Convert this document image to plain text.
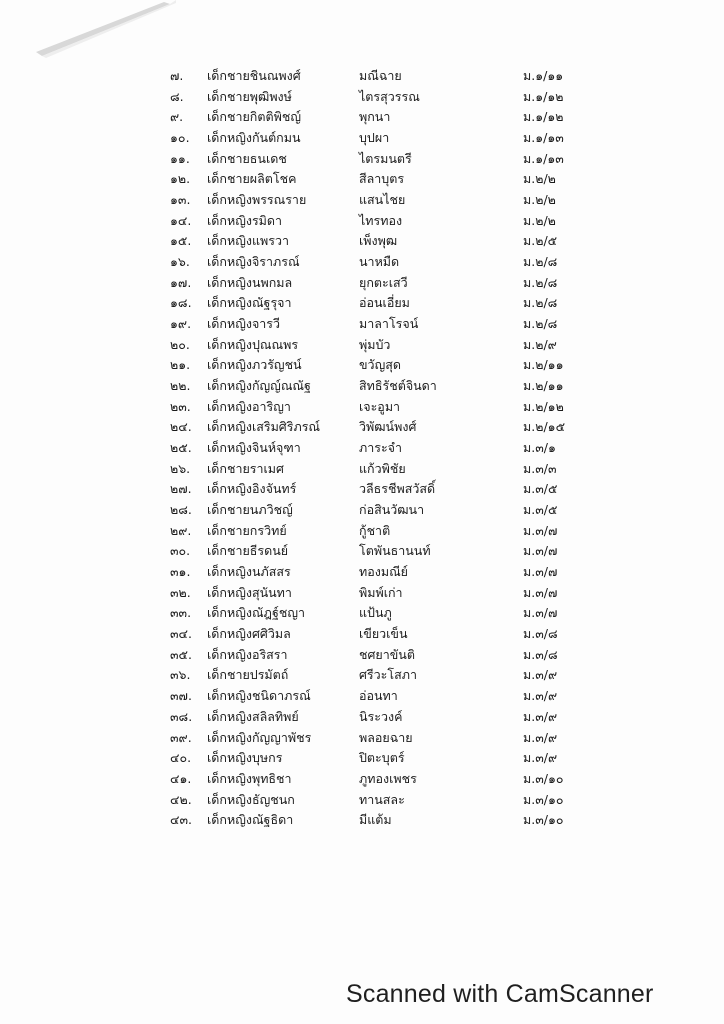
๗.	เด็กชายชินณพงศ์	มณีฉาย	ม.๑/๑๑
๘.	เด็กชายพุฒิพงษ์	ไตรสุวรรณ	ม.๑/๑๒
๙.	เด็กชายกิตติพิชญ์	พุกนา	ม.๑/๑๒
๑๐.	เด็กหญิงกันต์กมน	บุปผา	ม.๑/๑๓
๑๑.	เด็กชายธนเดช	ไตรมนตรี	ม.๑/๑๓
๑๒.	เด็กชายผลิตโชค	สีลาบุตร	ม.๒/๒
๑๓.	เด็กหญิงพรรณราย	แสนไชย	ม.๒/๒
๑๔.	เด็กหญิงรมิดา	ไทรทอง	ม.๒/๒
๑๕.	เด็กหญิงแพรวา	เพ็งพุฒ	ม.๒/๕
๑๖.	เด็กหญิงจิราภรณ์	นาหมืด	ม.๒/๘
๑๗.	เด็กหญิงนพกมล	ยุกตะเสวี	ม.๒/๘
๑๘.	เด็กหญิงณัฐรุจา	อ่อนเอี่ยม	ม.๒/๘
๑๙.	เด็กหญิงจารวี	มาลาโรจน์	ม.๒/๘
๒๐.	เด็กหญิงปุณณพร	พุ่มบัว	ม.๒/๙
๒๑.	เด็กหญิงภวรัญชน์	ขวัญสุด	ม.๒/๑๑
๒๒.	เด็กหญิงกัญญ์ณณัฐ	สิทธิรัชต์จินดา	ม.๒/๑๑
๒๓.	เด็กหญิงอาริญา	เจะอูมา	ม.๒/๑๒
๒๔.	เด็กหญิงเสริมศิริภรณ์	วิพัฒน์พงศ์	ม.๒/๑๕
๒๕.	เด็กหญิงจินห์จุฑา	ภาระจำ	ม.๓/๑
๒๖.	เด็กชายราเมศ	แก้วพิชัย	ม.๓/๓
๒๗.	เด็กหญิงอิงจันทร์	วลีธรชีพสวัสดิ์	ม.๓/๕
๒๘.	เด็กชายนภวิชญ์	ก่อสินวัฒนา	ม.๓/๕
๒๙.	เด็กชายกรวิทย์	กู้ชาติ	ม.๓/๗
๓๐.	เด็กชายธีรดนย์	โตพันธานนท์	ม.๓/๗
๓๑.	เด็กหญิงนภัสสร	ทองมณีย์	ม.๓/๗
๓๒.	เด็กหญิงสุนันทา	พิมพ์เก่า	ม.๓/๗
๓๓.	เด็กหญิงณัฎฐ์ชญา	แป้นภู	ม.๓/๗
๓๔.	เด็กหญิงศศิวิมล	เขียวเข็น	ม.๓/๘
๓๕.	เด็กหญิงอริสรา	ชศยาขันติ	ม.๓/๘
๓๖.	เด็กชายปรมัตถ์	ศรีวะโสภา	ม.๓/๙
๓๗.	เด็กหญิงชนิดาภรณ์	อ่อนทา	ม.๓/๙
๓๘.	เด็กหญิงสลิลทิพย์	นิระวงค์	ม.๓/๙
๓๙.	เด็กหญิงกัญญาพัชร	พลอยฉาย	ม.๓/๙
๔๐.	เด็กหญิงบุษกร	ปิตะบุตร์	ม.๓/๙
๔๑.	เด็กหญิงพุทธิชา	ภูทองเพชร	ม.๓/๑๐
๔๒.	เด็กหญิงธัญชนก	ทานสละ	ม.๓/๑๐
๔๓.	เด็กหญิงณัฐธิดา	มีแต้ม	ม.๓/๑๐
Scanned with CamScanner
